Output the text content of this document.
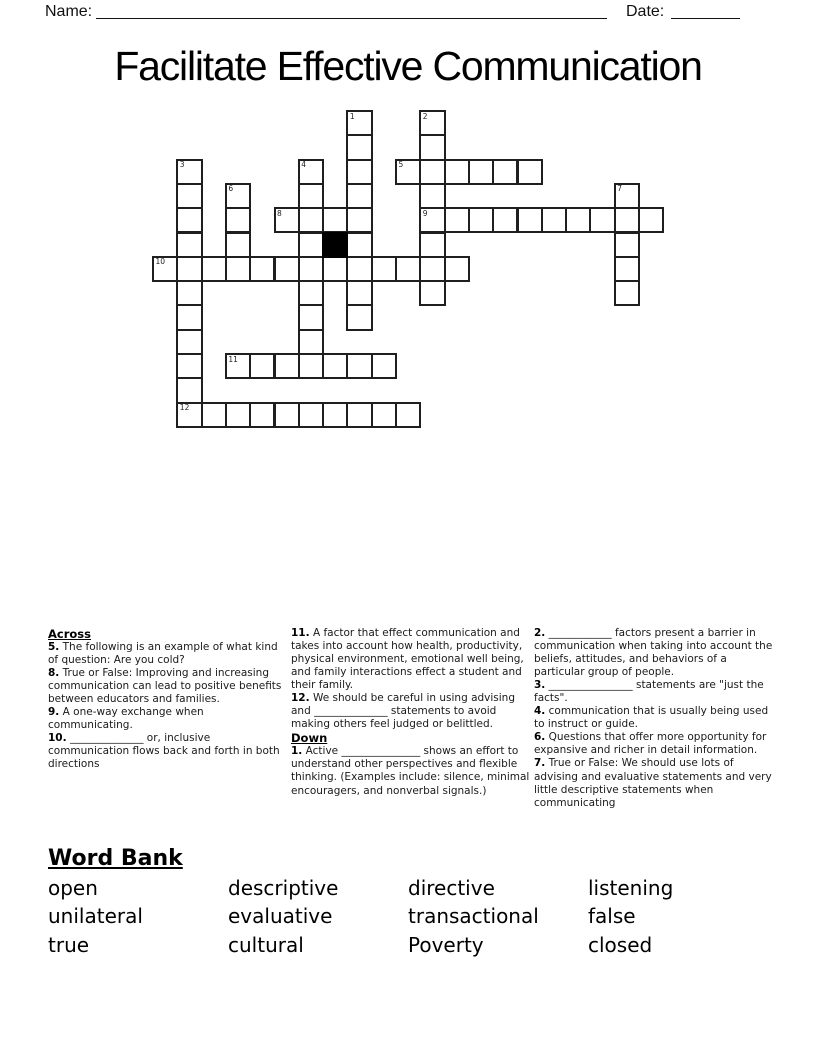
Name:	Date:
Facilitate Effective Communication
1	2
9
3
12
4	5
6	7
8
10
11
Across

5. The following is an example of what kind of question: Are you cold?

8. True or False: Improving and increasing communication can lead to positive benefits between educators and families.

9. A one-way exchange when communicating.

10. ______________ or, inclusive communication flows back and forth in both directions

11. A factor that effect communication and takes into account how health, productivity, physical environment, emotional well being, and family interactions effect a student and their family.

12. We should be careful in using advising and ______________ statements to avoid making others feel judged or belittled.

Down

1. Active _______________ shows an effort to understand other perspectives and flexible thinking. (Examples include: silence, minimal encouragers, and nonverbal signals.)

2. ____________ factors present a barrier in communication when taking into account the beliefs, attitudes, and behaviors of a particular group of people.

3. ________________ statements are "just the facts".

4. communication that is usually being used to instruct or guide.

6. Questions that offer more opportunity for expansive and richer in detail information.

7. True or False: We should use lots of advising and evaluative statements and very little descriptive statements when communicating

Word Bank
open	descriptive	directive	listening
unilateral	evaluative	transactional	false
true	cultural	Poverty	closed
